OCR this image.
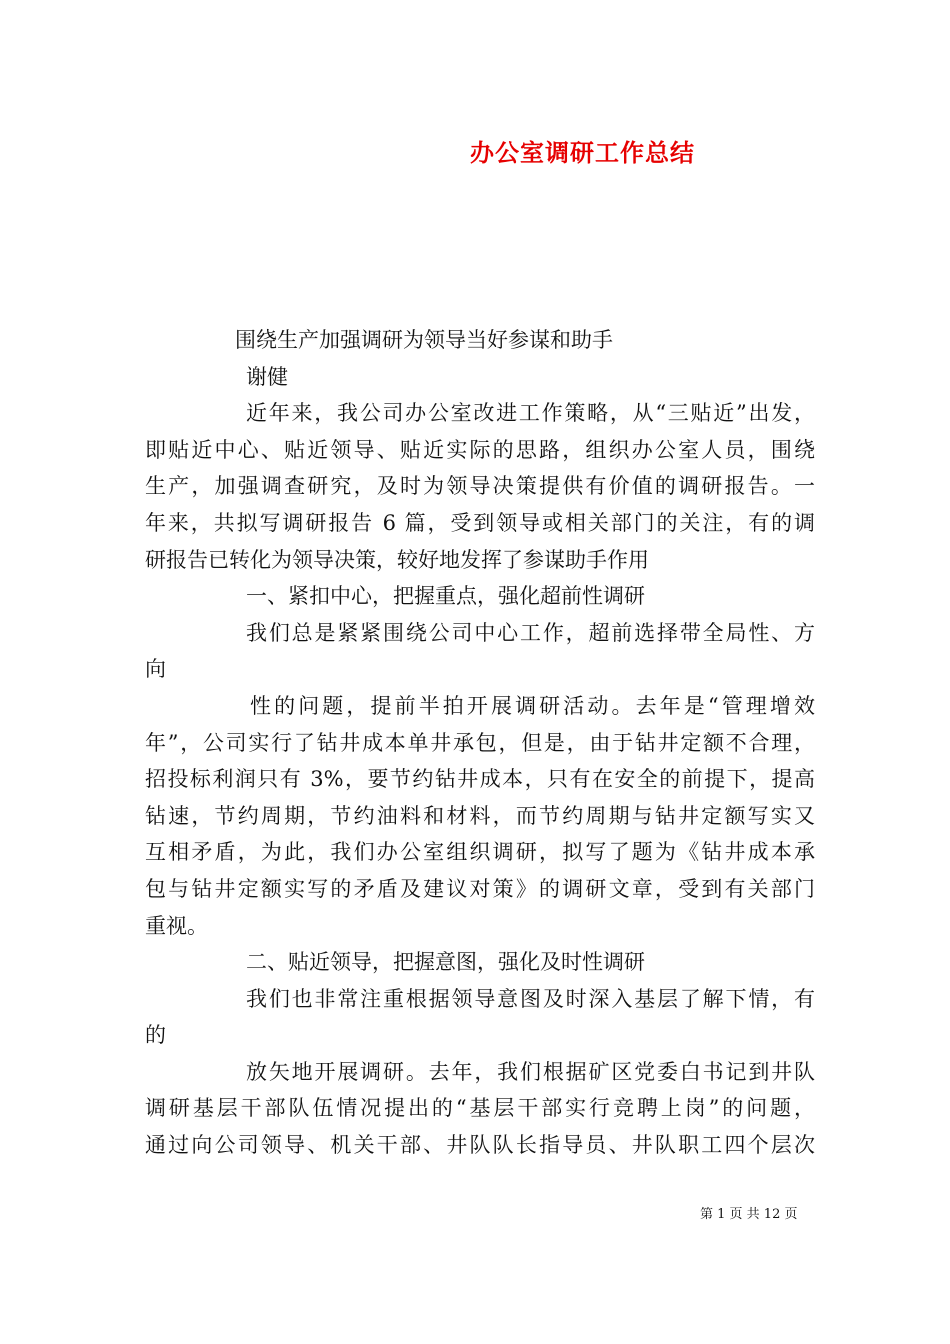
办公室调研工作总结
围绕生产加强调研为领导当好参谋和助手
谢健
近年来，我公司办公室改进工作策略，从“三贴近”出发，
即贴近中心、贴近领导、贴近实际的思路，组织办公室人员，围绕
生产，加强调查研究，及时为领导决策提供有价值的调研报告。一
年来，共拟写调研报告 6 篇，受到领导或相关部门的关注，有的调
研报告已转化为领导决策，较好地发挥了参谋助手作用
一、紧扣中心，把握重点，强化超前性调研
我们总是紧紧围绕公司中心工作，超前选择带全局性、方
向
性的问题，提前半拍开展调研活动。去年是“管理增效
年”，公司实行了钻井成本单井承包，但是，由于钻井定额不合理，
招投标利润只有 3%，要节约钻井成本，只有在安全的前提下，提高
钻速，节约周期，节约油料和材料，而节约周期与钻井定额写实又
互相矛盾，为此，我们办公室组织调研，拟写了题为《钻井成本承
包与钻井定额实写的矛盾及建议对策》的调研文章，受到有关部门
重视。
二、贴近领导，把握意图，强化及时性调研
我们也非常注重根据领导意图及时深入基层了解下情，有
的
放矢地开展调研。去年，我们根据矿区党委白书记到井队
调研基层干部队伍情况提出的“基层干部实行竞聘上岗”的问题，
通过向公司领导、机关干部、井队队长指导员、井队职工四个层次
第 1 页 共 12 页
